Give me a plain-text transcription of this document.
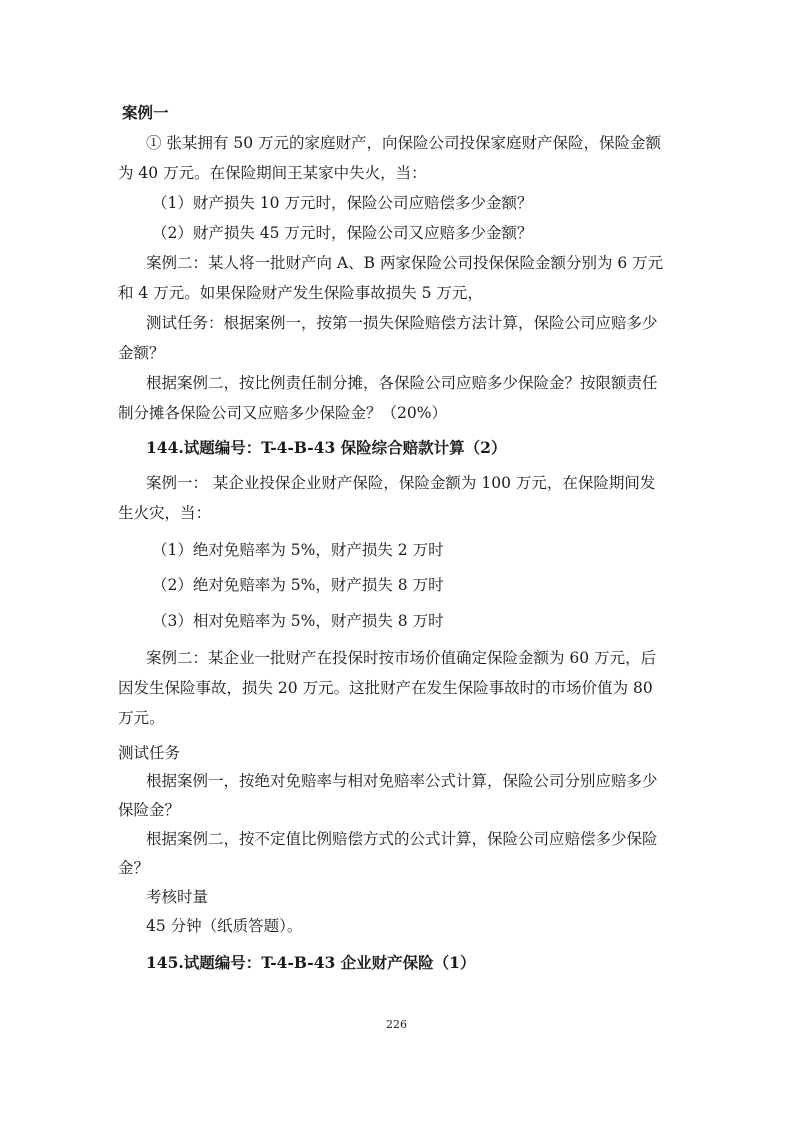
案例一
① 张某拥有 50 万元的家庭财产，向保险公司投保家庭财产保险，保险金额
为 40 万元。在保险期间王某家中失火，当：
（1）财产损失 10 万元时，保险公司应赔偿多少金额？
（2）财产损失 45 万元时，保险公司又应赔多少金额？
案例二：某人将一批财产向 A、B 两家保险公司投保保险金额分别为 6 万元
和 4 万元。如果保险财产发生保险事故损失 5 万元，
测试任务：根据案例一，按第一损失保险赔偿方法计算，保险公司应赔多少
金额？
根据案例二，按比例责任制分摊，各保险公司应赔多少保险金？按限额责任
制分摊各保险公司又应赔多少保险金？（20%）
144.试题编号：T-4-B-43 保险综合赔款计算（2）
案例一： 某企业投保企业财产保险，保险金额为 100 万元，在保险期间发
生火灾，当：
（1）绝对免赔率为 5%，财产损失 2 万时
（2）绝对免赔率为 5%，财产损失 8 万时
（3）相对免赔率为 5%，财产损失 8 万时
案例二：某企业一批财产在投保时按市场价值确定保险金额为 60 万元，后
因发生保险事故，损失 20 万元。这批财产在发生保险事故时的市场价值为 80
万元。
测试任务
根据案例一，按绝对免赔率与相对免赔率公式计算，保险公司分别应赔多少
保险金？
根据案例二，按不定值比例赔偿方式的公式计算，保险公司应赔偿多少保险
金？
考核时量
45 分钟（纸质答题）。
145.试题编号：T-4-B-43 企业财产保险（1）
226
